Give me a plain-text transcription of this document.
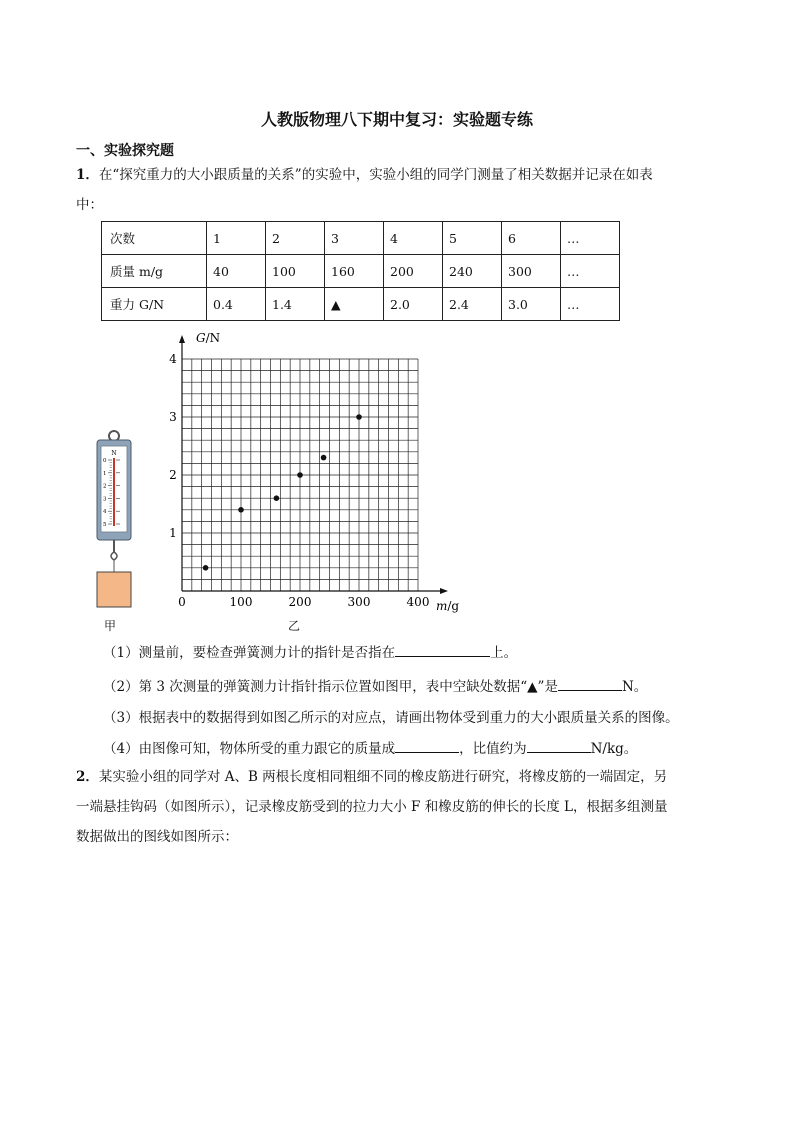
人教版物理八下期中复习：实验题专练
一、实验探究题
1．在“探究重力的大小跟质量的关系”的实验中，实验小组的同学门测量了相关数据并记录在如表
中：
次数	1	2	3	4	5	6	…
质量 m/g	40	100	160	200	240	300	…
重力 G/N	0.4	1.4	▲	2.0	2.4	3.0	…
N
0
1
2
3
4
5
甲
G/N
m/g
0	100	200	300	400
1
2
3
4
乙
（1）测量前，要检查弹簧测力计的指针是否指在	上。
（2）第 3 次测量的弹簧测力计指针指示位置如图甲，表中空缺处数据“▲”是	N。
（3）根据表中的数据得到如图乙所示的对应点，请画出物体受到重力的大小跟质量关系的图像。
（4）由图像可知，物体所受的重力跟它的质量成	，比值约为	N/kg。
2．某实验小组的同学对 A、B 两根长度相同粗细不同的橡皮筋进行研究，将橡皮筋的一端固定，另
一端悬挂钩码（如图所示），记录橡皮筋受到的拉力大小 F 和橡皮筋的伸长的长度 L，根据多组测量
数据做出的图线如图所示：
